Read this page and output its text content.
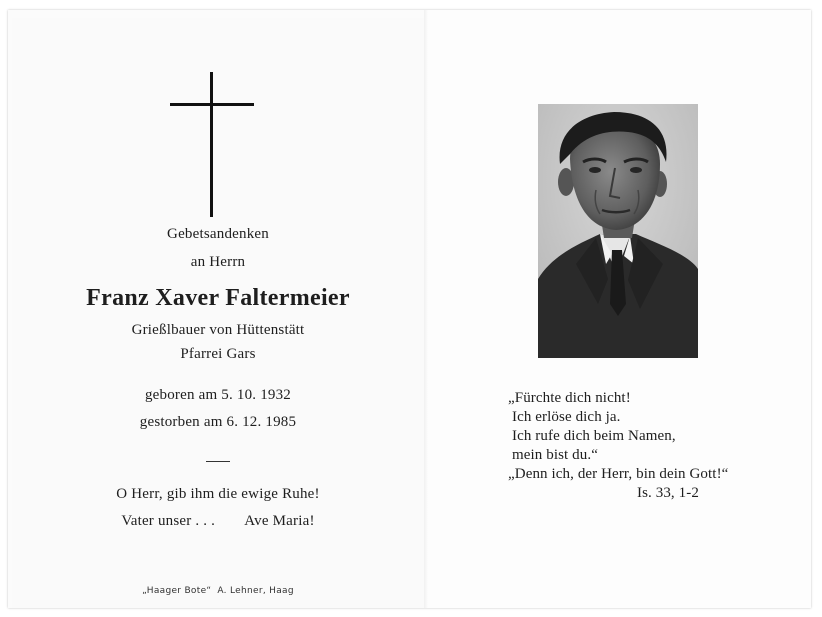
Gebetsandenken
an Herrn
Franz Xaver Faltermeier
Grießlbauer von Hüttenstätt
Pfarrei Gars
geboren am 5. 10. 1932
gestorben am 6. 12. 1985
O Herr, gib ihm die ewige Ruhe!
Vater unser . . . Ave Maria!
„Haager Bote“ A. Lehner, Haag
„Fürchte dich nicht!
Ich erlöse dich ja.
Ich rufe dich beim Namen,
mein bist du.“
„Denn ich, der Herr, bin dein Gott!“
Is. 33, 1-2
